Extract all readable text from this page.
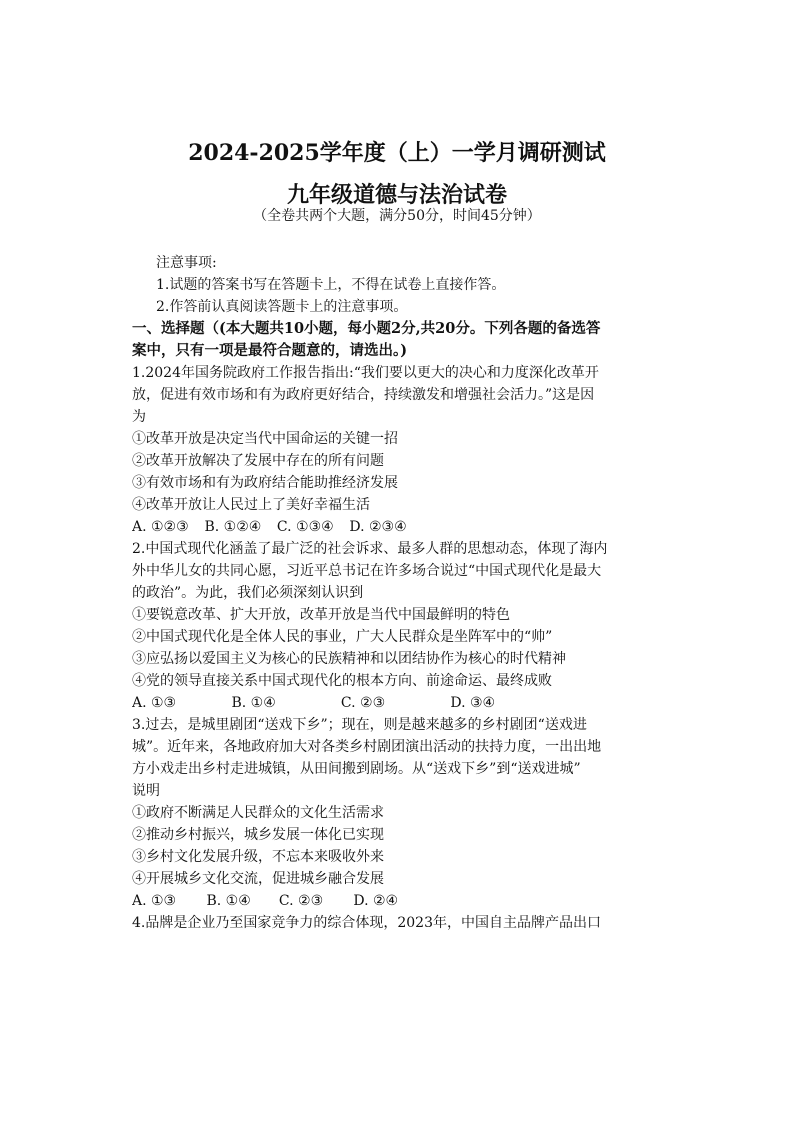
2024-2025学年度（上）一学月调研测试
九年级道德与法治试卷
（全卷共两个大题，满分50分，时间45分钟）
注意事项:
1.试题的答案书写在答题卡上，不得在试卷上直接作答。
2.作答前认真阅读答题卡上的注意事项。
一、选择题（(本大题共10小题，每小题2分,共20分。下列各题的备选答
案中，只有一项是最符合题意的，请选出。)
1.2024年国务院政府工作报告指出:“我们要以更大的决心和力度深化改革开
放，促进有效市场和有为政府更好结合，持续激发和增强社会活力。”这是因
为
①改革开放是决定当代中国命运的关键一招
②改革开放解决了发展中存在的所有问题
③有效市场和有为政府结合能助推经济发展
④改革开放让人民过上了美好幸福生活
A. ①②③ B. ①②④ C. ①③④ D. ②③④
2.中国式现代化涵盖了最广泛的社会诉求、最多人群的思想动态，体现了海内
外中华儿女的共同心愿，习近平总书记在许多场合说过“中国式现代化是最大
的政治”。为此，我们必须深刻认识到
①要锐意改革、扩大开放，改革开放是当代中国最鲜明的特色
②中国式现代化是全体人民的事业，广大人民群众是坐阵军中的“帅”
③应弘扬以爱国主义为核心的民族精神和以团结协作为核心的时代精神
④党的领导直接关系中国式现代化的根本方向、前途命运、最终成败
A. ①③	B. ①④	C. ②③	D. ③④
3.过去，是城里剧团“送戏下乡”；现在，则是越来越多的乡村剧团“送戏进
城”。近年来，各地政府加大对各类乡村剧团演出活动的扶持力度，一出出地
方小戏走出乡村走进城镇，从田间搬到剧场。从“送戏下乡”到“送戏进城”
说明
①政府不断满足人民群众的文化生活需求
②推动乡村振兴，城乡发展一体化已实现
③乡村文化发展升级，不忘本来吸收外来
④开展城乡文化交流，促进城乡融合发展
A. ①③ B. ①④ C. ②③ D. ②④
4.品牌是企业乃至国家竞争力的综合体现，2023年，中国自主品牌产品出口
